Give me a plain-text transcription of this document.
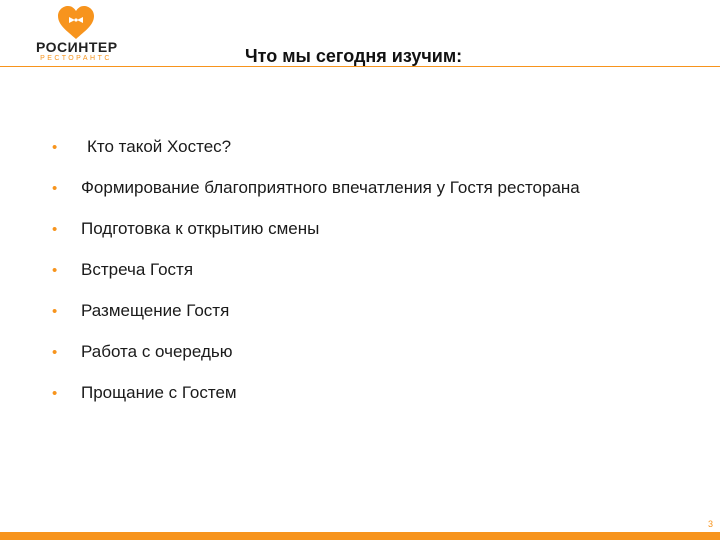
РОСИНТЕР
РЕСТОРАНТС	Что мы сегодня изучим:
• Кто такой Хостес?
• Формирование благоприятного впечатления у Гостя ресторана
• Подготовка к открытию смены
• Встреча Гостя
• Размещение Гостя
• Работа с очередью
• Прощание с Гостем
3
